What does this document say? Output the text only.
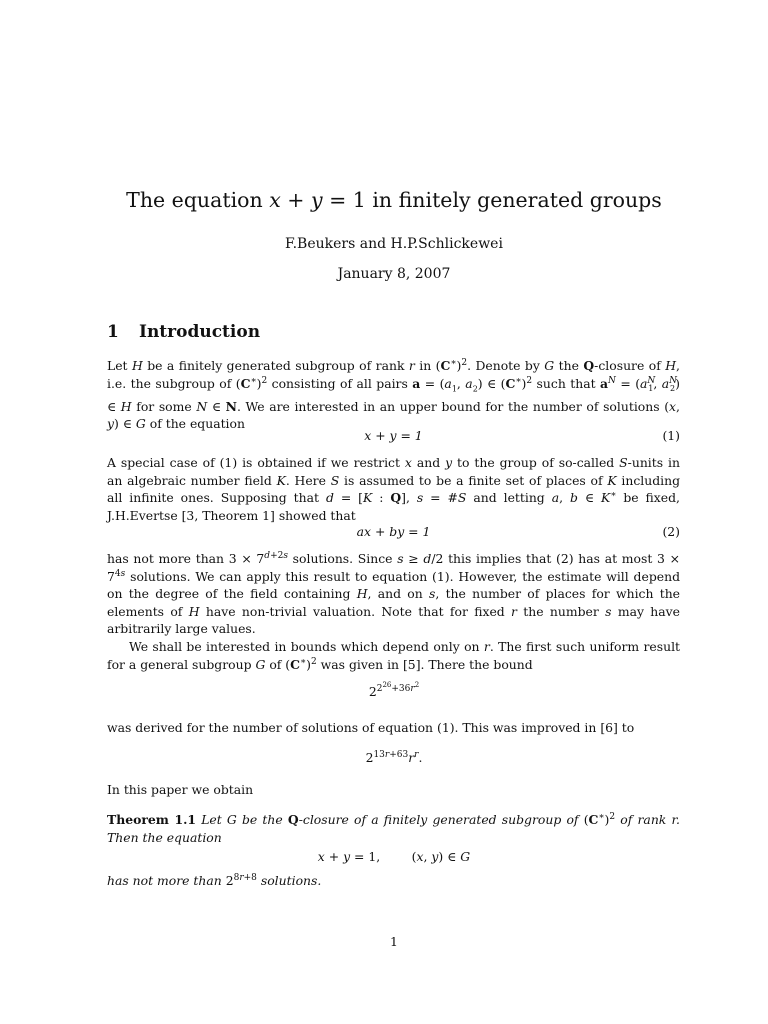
The equation x + y = 1 in finitely generated groups
F.Beukers and H.P.Schlickewei
January 8, 2007
1 Introduction

Let H be a finitely generated subgroup of rank r in $(C^∗)^2$. Denote by G the Q-closure of H, i.e. the subgroup of $(C^∗)^2$ consisting of all pairs $a = (a_1$, $a_2$) ∈ $(C^∗)^2$ such that $a^N = (a^N_1$, $a^N_2$) ∈ H for some N ∈ N. We are interested in an upper bound for the number of solutions (x, y) ∈ G of the equation

x + y = 1	(1)

A special case of (1) is obtained if we restrict x and y to the group of so-called S-units in an algebraic number field K. Here S is assumed to be a finite set of places of K including all infinite ones. Supposing that d = [K : Q], s = #S and letting a, b ∈ K∗ be fixed, J.H.Evertse [3, Theorem 1] showed that

ax + by = 1	(2)

has not more than $3 \times 7^{d+2s}$ solutions. Since s ≥ d/2 this implies that (2) has at most $3 \times 7^{4s}$ solutions. We can apply this result to equation (1). However, the estimate will depend on the degree of the field containing H, and on s, the number of places for which the elements of H have non-trivial valuation. Note that for fixed r the number s may have arbitrarily large values.

We shall be interested in bounds which depend only on r. The first such uniform result for a general subgroup G of $(C^∗)^2$ was given in [5]. There the bound

$2^{2^{26}+36r^2}$
was derived for the number of solutions of equation (1). This was improved in [6] to
$2^{13r+63}r^r$.
In this paper we obtain

Theorem 1.1 Let G be the Q-closure of a finitely generated subgroup of $(C^∗)^2$ of rank r. Then the equation

x + y = 1,        (x, y) ∈ G
has not more than $2^{8r+8}$ solutions.
1
